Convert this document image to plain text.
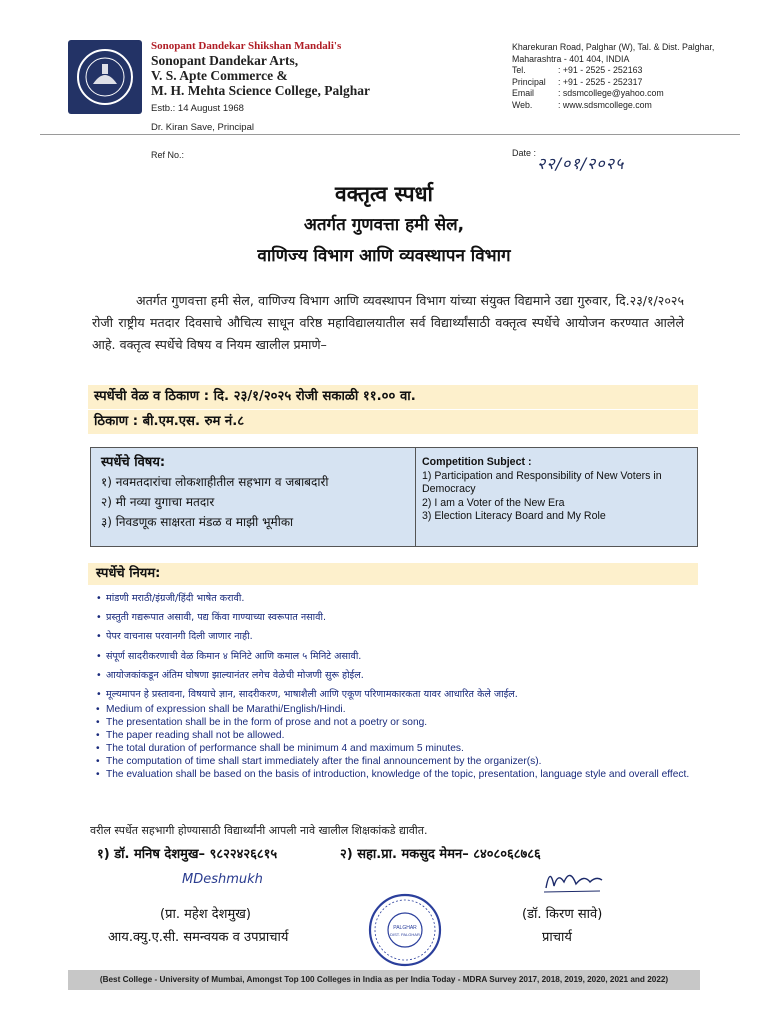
Sonopant Dandekar Shikshan Mandali's
Sonopant Dandekar Arts,
V. S. Apte Commerce &
M. H. Mehta Science College, Palghar
Estb.: 14 August 1968
Dr. Kiran Save, Principal
Kharekuran Road, Palghar (W), Tal. & Dist. Palghar,
Maharashtra - 401 404, INDIA
Tel.	: +91 - 2525 - 252163
Principal	: +91 - 2525 - 252317
Email	: sdsmcollege@yahoo.com
Web.	: www.sdsmcollege.com
Ref No.:	Date :
२२/०१/२०२५
वक्तृत्व स्पर्धा
अतर्गत गुणवत्ता हमी सेल,
वाणिज्य विभाग आणि व्यवस्थापन विभाग

अतर्गत गुणवत्ता हमी सेल, वाणिज्य विभाग आणि व्यवस्थापन विभाग यांच्या संयुक्त विद्यमाने उद्या गुरुवार, दि.२३/१/२०२५ रोजी राष्ट्रीय मतदार दिवसाचे औचित्य साधून वरिष्ठ महाविद्यालयातील सर्व विद्यार्थ्यांसाठी वक्तृत्व स्पर्धेचे आयोजन करण्यात आलेले आहे. वक्तृत्व स्पर्धेचे विषय व नियम खालील प्रमाणे–

स्पर्धेची वेळ व ठिकाण : दि. २३/१/२०२५ रोजी सकाळी ११.०० वा.
ठिकाण : बी.एम.एस. रुम नं.८
स्पर्धेचे विषय:
१) नवमतदारांचा लोकशाहीतील सहभाग व जबाबदारी
२) मी नव्या युगाचा मतदार
३) निवडणूक साक्षरता मंडळ व माझी भूमीका
Competition Subject :
1) Participation and Responsibility of New Voters in Democracy
2) I am a Voter of the New Era
3) Election Literacy Board and My Role
स्पर्धेचे नियम:
• मांडणी मराठी/इंग्रजी/हिंदी भाषेत करावी.
• प्रस्तुती गद्यरूपात असावी, पद्य किंवा गाण्याच्या स्वरूपात नसावी.
• पेपर वाचनास परवानगी दिली जाणार नाही.
• संपूर्ण सादरीकरणाची वेळ किमान ४ मिनिटे आणि कमाल ५ मिनिटे असावी.
• आयोजकांकडून अंतिम घोषणा झाल्यानंतर लगेच वेळेची मोजणी सुरू होईल.
• मूल्यमापन हे प्रस्तावना, विषयाचे ज्ञान, सादरीकरण, भाषाशैली आणि एकूण परिणामकारकता यावर आधारित केले जाईल.
• Medium of expression shall be Marathi/English/Hindi.
• The presentation shall be in the form of prose and not a poetry or song.
• The paper reading shall not be allowed.
• The total duration of performance shall be minimum 4 and maximum 5 minutes.
• The computation of time shall start immediately after the final announcement by the organizer(s).
• The evaluation shall be based on the basis of introduction, knowledge of the topic, presentation, language style and overall effect.
वरील स्पर्धेत सहभागी होण्यासाठी विद्यार्थ्यांनी आपली नावे खालील शिक्षकांकडे द्यावीत.
१) डॉ. मनिष देशमुख– ९८२२४२६८१५	२) सहा.प्रा. मकसुद मेमन– ८४०८०६८७८६
MDeshmukh
(प्रा. महेश देशमुख)
आय.क्यु.ए.सी. समन्वयक व उपप्राचार्य
(डॉ. किरण सावे)
प्राचार्य
PALGHAR
DIST. PALGHAR
(Best College - University of Mumbai, Amongst Top 100 Colleges in India as per India Today - MDRA Survey 2017, 2018, 2019, 2020, 2021 and 2022)
